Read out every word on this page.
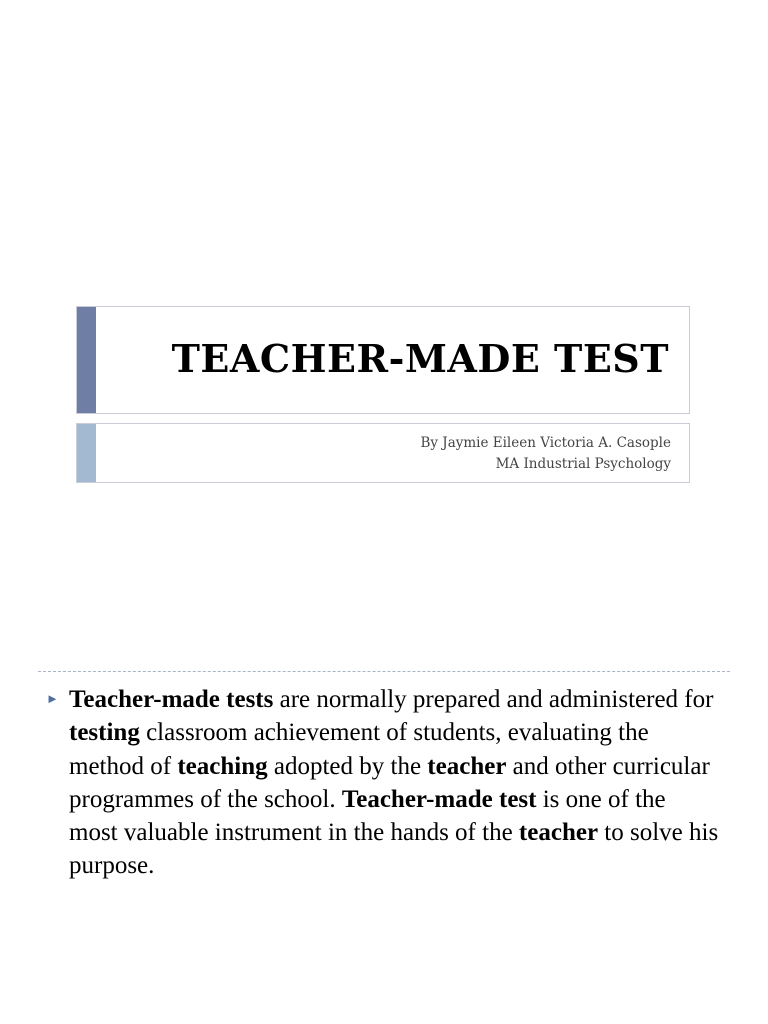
TEACHER-MADE TEST
By Jaymie Eileen Victoria A. Casople
MA Industrial Psychology
► Teacher-made tests are normally prepared and administered for testing classroom achievement of students, evaluating the method of teaching adopted by the teacher and other curricular programmes of the school. Teacher-made test is one of the most valuable instrument in the hands of the teacher to solve his purpose.
